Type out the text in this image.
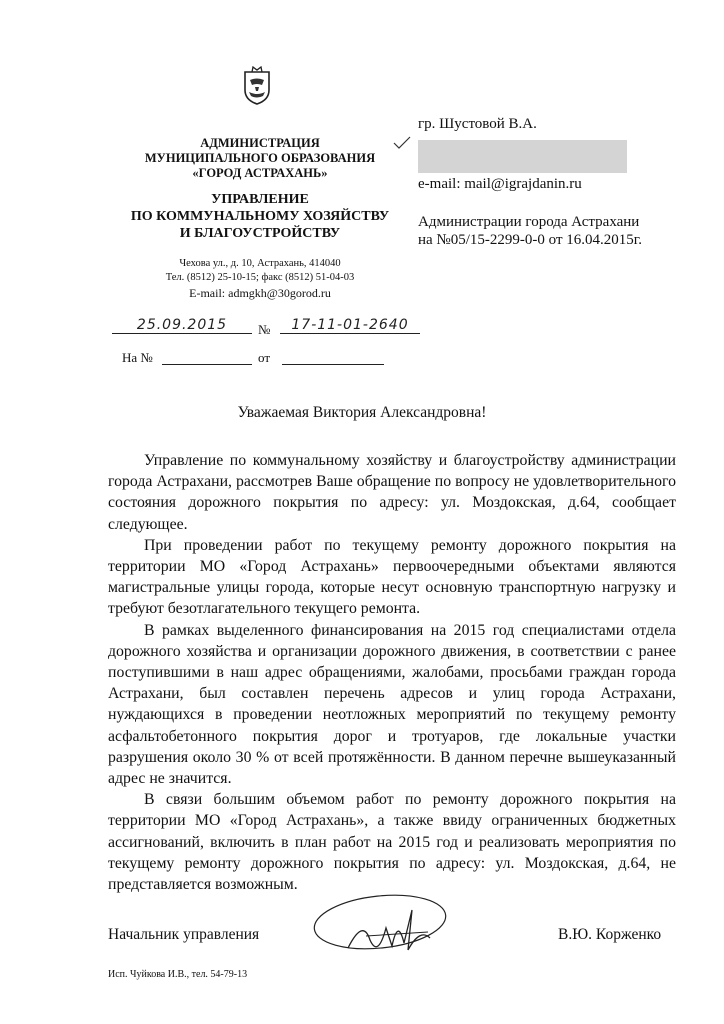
АДМИНИСТРАЦИЯ
МУНИЦИПАЛЬНОГО ОБРАЗОВАНИЯ
«ГОРОД АСТРАХАНЬ»
УПРАВЛЕНИЕ
ПО КОММУНАЛЬНОМУ ХОЗЯЙСТВУ
И БЛАГОУСТРОЙСТВУ
Чехова ул., д. 10, Астрахань, 414040
Тел. (8512) 25-10-15; факс (8512) 51-04-03
E-mail: admgkh@30gorod.ru
25.09.2015	№	17-11-01-2640
На №	от
гр. Шустовой В.А.
e-mail: mail@igrajdanin.ru
Администрации города Астрахани
на №05/15-2299-0-0 от 16.04.2015г.
Уважаемая Виктория Александровна!

Управление по коммунальному хозяйству и благоустройству администрации города Астрахани, рассмотрев Ваше обращение по вопросу не удовлетворительного состояния дорожного покрытия по адресу: ул. Моздокская, д.64, сообщает следующее.

При проведении работ по текущему ремонту дорожного покрытия на территории МО «Город Астрахань» первоочередными объектами являются магистральные улицы города, которые несут основную транспортную нагрузку и требуют безотлагательного текущего ремонта.

В рамках выделенного финансирования на 2015 год специалистами отдела дорожного хозяйства и организации дорожного движения, в соответствии с ранее поступившими в наш адрес обращениями, жалобами, просьбами граждан города Астрахани, был составлен перечень адресов и улиц города Астрахани, нуждающихся в проведении неотложных мероприятий по текущему ремонту асфальтобетонного покрытия дорог и тротуаров, где локальные участки разрушения около 30 % от всей протяжённости. В данном перечне вышеуказанный адрес не значится.

В связи большим объемом работ по ремонту дорожного покрытия на территории МО «Город Астрахань», а также ввиду ограниченных бюджетных ассигнований, включить в план работ на 2015 год и реализовать мероприятия по текущему ремонту дорожного покрытия по адресу: ул. Моздокская, д.64, не представляется возможным.

Начальник управления	В.Ю. Корженко
Исп. Чуйкова И.В., тел. 54-79-13
